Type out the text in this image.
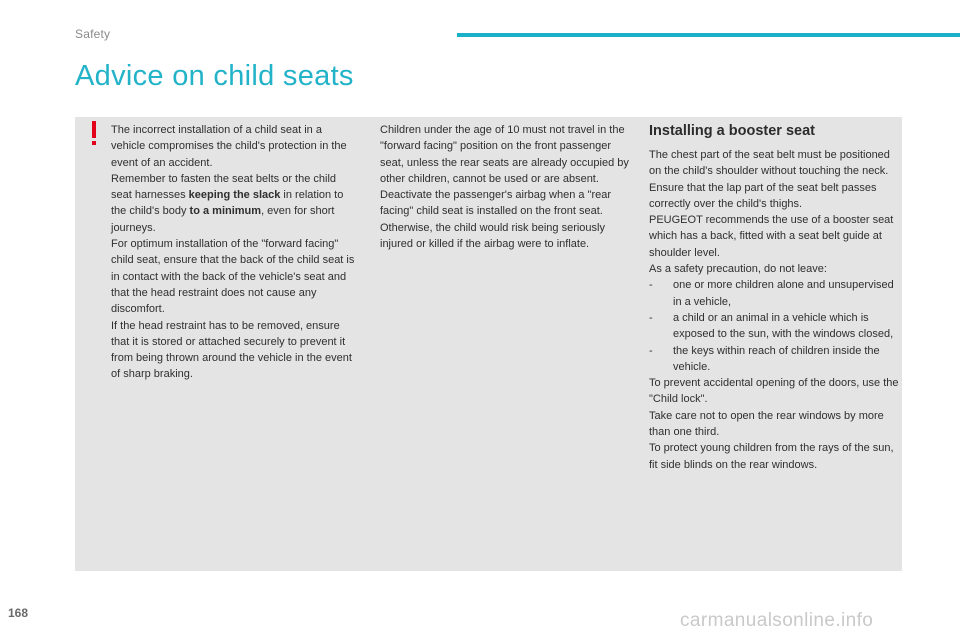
Safety
Advice on child seats

The incorrect installation of a child seat in a vehicle compromises the child's protection in the event of an accident.

Remember to fasten the seat belts or the child seat harnesses keeping the slack in relation to the child's body to a minimum, even for short journeys.

For optimum installation of the "forward facing" child seat, ensure that the back of the child seat is in contact with the back of the vehicle's seat and that the head restraint does not cause any discomfort.

If the head restraint has to be removed, ensure that it is stored or attached securely to prevent it from being thrown around the vehicle in the event of sharp braking.

Children under the age of 10 must not travel in the "forward facing" position on the front passenger seat, unless the rear seats are already occupied by other children, cannot be used or are absent.

Deactivate the passenger's airbag when a "rear facing" child seat is installed on the front seat. Otherwise, the child would risk being seriously injured or killed if the airbag were to inflate.

Installing a booster seat

The chest part of the seat belt must be positioned on the child's shoulder without touching the neck.

Ensure that the lap part of the seat belt passes correctly over the child's thighs.

PEUGEOT recommends the use of a booster seat which has a back, fitted with a seat belt guide at shoulder level.

As a safety precaution, do not leave:

-	one or more children alone and unsupervised in a vehicle,
-	a child or an animal in a vehicle which is exposed to the sun, with the windows closed,
-	the keys within reach of children inside the vehicle.

To prevent accidental opening of the doors, use the "Child lock".

Take care not to open the rear windows by more than one third.

To protect young children from the rays of the sun, fit side blinds on the rear windows.

168	carmanualsonline.info
